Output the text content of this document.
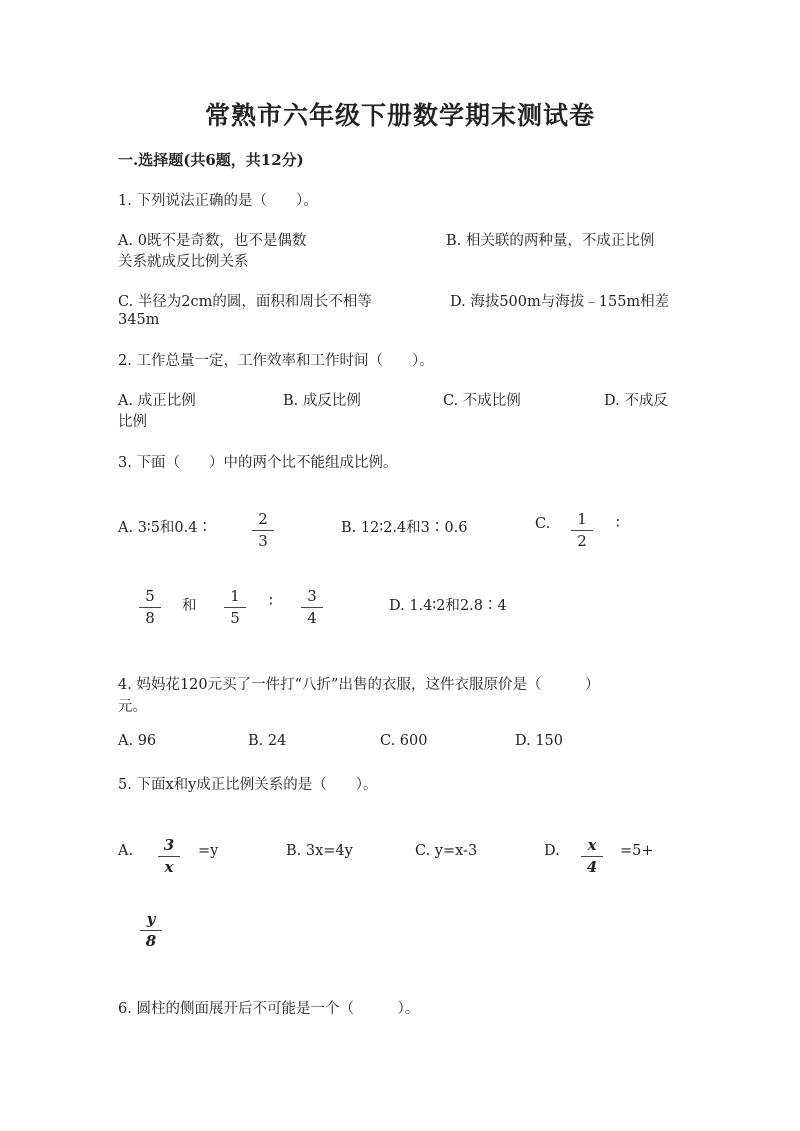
常熟市六年级下册数学期末测试卷
一.选择题(共6题，共12分)
1. 下列说法正确的是（　　）。
A. 0既不是奇数，也不是偶数	B. 相关联的两种量，不成正比例
关系就成反比例关系
C. 半径为2cm的圆，面积和周长不相等	D. 海拔500m与海拔﹣155m相差
345m
2. 工作总量一定，工作效率和工作时间（　　）。
A. 成正比例	B. 成反比例	C. 不成比例	D. 不成反
比例
3. 下面（　　）中的两个比不能组成比例。
A. 3∶5和0.4∶	$\frac{2}{3}$	B. 12∶2.4和3∶0.6	C. $\frac{1}{2}$ ∶
$\frac{5}{8}$ 和 $\frac{1}{5}$ ∶ $\frac{3}{4}$	D. 1.4∶2和2.8∶4
4. 妈妈花120元买了一件打“八折”出售的衣服，这件衣服原价是（　　　）
元。
A. 96	B. 24	C. 600	D. 150
5. 下面x和y成正比例关系的是（　　）。
A. $\frac{3}{x} =y$	B. 3x=4y	C. y=x-3	D. $\frac{x}{4} =5+$
$\frac{y}{8}$
6. 圆柱的侧面展开后不可能是一个（　　　）。
